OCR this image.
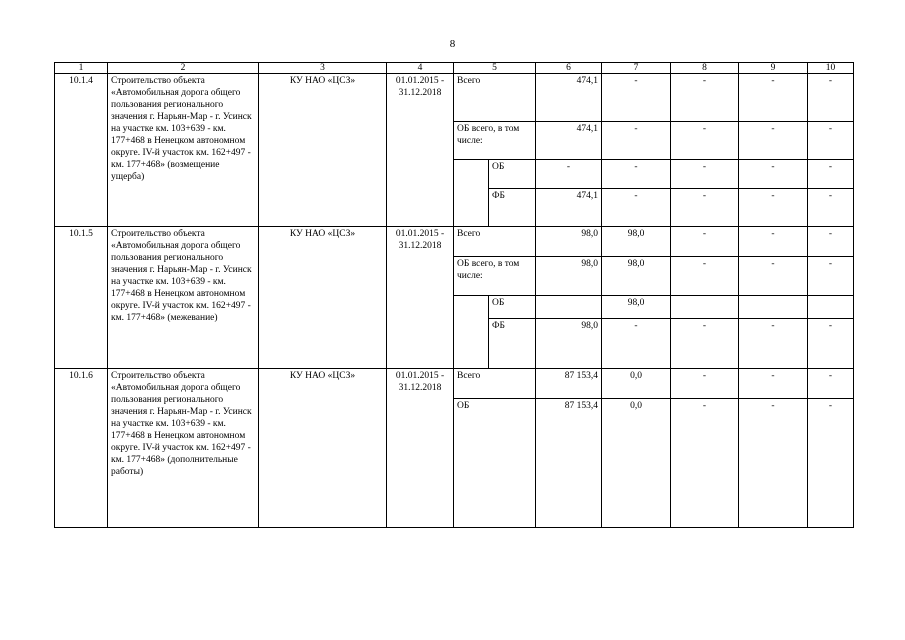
8
1	2	3	4	5		6	7	8	9	10
10.1.4	Строительство объекта «Автомобильная дорога общего пользования регионального значения г. Нарьян-Мар - г. Усинск на участке км. 103+639 - км. 177+468 в Ненецком автономном округе. IV-й участок км. 162+497 - км. 177+468» (возмещение ущерба)	КУ НАО «ЦСЗ»	01.01.2015 - 31.12.2018	Всего		474,1	-	-	-	-
				ОБ всего, в том числе:		474,1	-	-	-	-
					ОБ	-	-	-	-	-
					ФБ	474,1	-	-	-	-
10.1.5	Строительство объекта «Автомобильная дорога общего пользования регионального значения г. Нарьян-Мар - г. Усинск на участке км. 103+639 - км. 177+468 в Ненецком автономном округе. IV-й участок км. 162+497 - км. 177+468» (межевание)	КУ НАО «ЦСЗ»	01.01.2015 - 31.12.2018	Всего		98,0	98,0	-	-	-
				ОБ всего, в том числе:		98,0	98,0	-	-	-
					ОБ		98,0			
					ФБ	98,0	-	-	-	-
10.1.6	Строительство объекта «Автомобильная дорога общего пользования регионального значения г. Нарьян-Мар - г. Усинск на участке км. 103+639 - км. 177+468 в Ненецком автономном округе. IV-й участок км. 162+497 - км. 177+468» (дополнительные работы)	КУ НАО «ЦСЗ»	01.01.2015 - 31.12.2018	Всего		87 153,4	0,0	-	-	-
				ОБ		87 153,4	0,0	-	-	-
